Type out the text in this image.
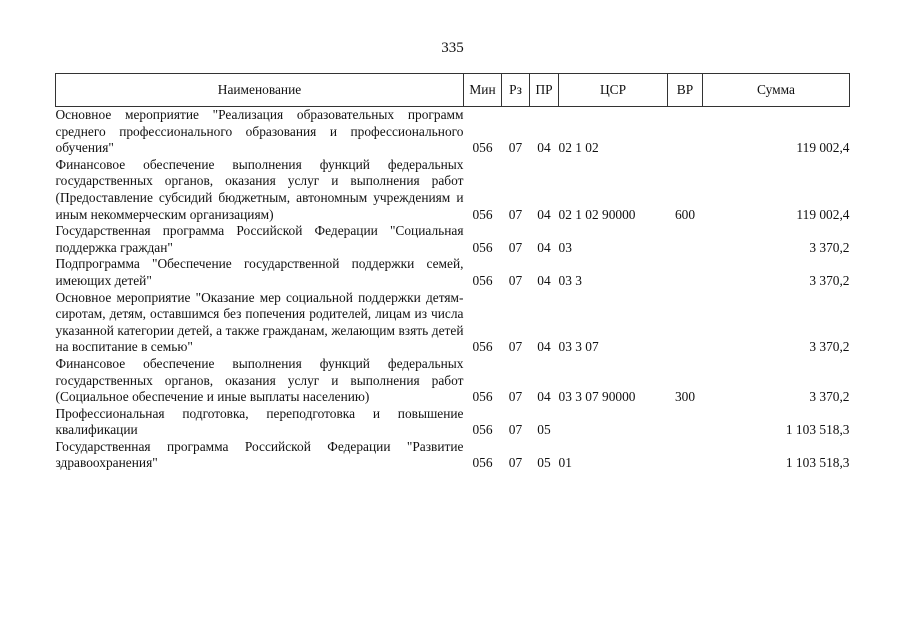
335
Наименование	Мин	Рз	ПР	ЦСР	ВР	Сумма
Основное мероприятие "Реализация образовательных программ среднего профессионального образования и профессионального обучения"	056	07	04	02 1 02		119 002,4
Финансовое обеспечение выполнения функций федеральных государственных органов, оказания услуг и выполнения работ (Предоставление субсидий бюджетным, автономным учреждениям и иным некоммерческим организациям)	056	07	04	02 1 02 90000	600	119 002,4
Государственная программа Российской Федерации "Социальная поддержка граждан"	056	07	04	03		3 370,2
Подпрограмма "Обеспечение государственной поддержки семей, имеющих детей"	056	07	04	03 3		3 370,2
Основное мероприятие "Оказание мер социальной поддержки детям-сиротам, детям, оставшимся без попечения родителей, лицам из числа указанной категории детей, а также гражданам, желающим взять детей на воспитание в семью"	056	07	04	03 3 07		3 370,2
Финансовое обеспечение выполнения функций федеральных государственных органов, оказания услуг и выполнения работ (Социальное обеспечение и иные выплаты населению)	056	07	04	03 3 07 90000	300	3 370,2
Профессиональная подготовка, переподготовка и повышение квалификации	056	07	05			1 103 518,3
Государственная программа Российской Федерации "Развитие здравоохранения"	056	07	05	01		1 103 518,3
